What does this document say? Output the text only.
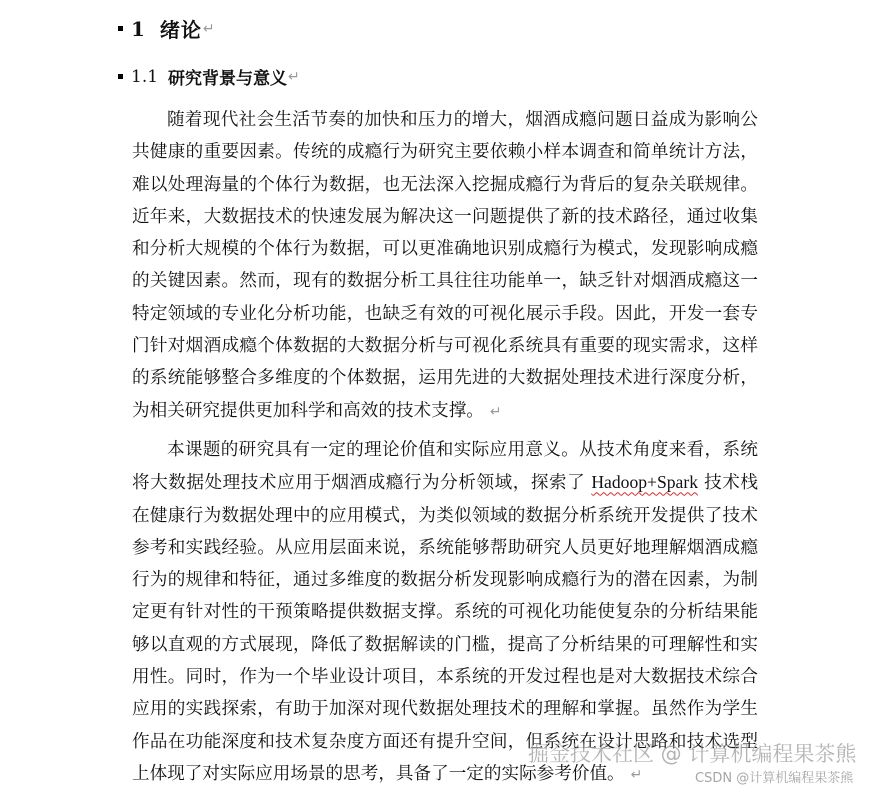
1 绪论 ↵
1.1 研究背景与意义 ↵
随着现代社会生活节奏的加快和压力的增大，烟酒成瘾问题日益成为影响公
共健康的重要因素。传统的成瘾行为研究主要依赖小样本调查和简单统计方法，
难以处理海量的个体行为数据，也无法深入挖掘成瘾行为背后的复杂关联规律。
近年来，大数据技术的快速发展为解决这一问题提供了新的技术路径，通过收集
和分析大规模的个体行为数据，可以更准确地识别成瘾行为模式，发现影响成瘾
的关键因素。然而，现有的数据分析工具往往功能单一，缺乏针对烟酒成瘾这一
特定领域的专业化分析功能，也缺乏有效的可视化展示手段。因此，开发一套专
门针对烟酒成瘾个体数据的大数据分析与可视化系统具有重要的现实需求，这样
的系统能够整合多维度的个体数据，运用先进的大数据处理技术进行深度分析，
为相关研究提供更加科学和高效的技术支撑。 ↵
本课题的研究具有一定的理论价值和实际应用意义。从技术角度来看，系统
将大数据处理技术应用于烟酒成瘾行为分析领域，探索了 Hadoop+Spark 技术栈
在健康行为数据处理中的应用模式，为类似领域的数据分析系统开发提供了技术
参考和实践经验。从应用层面来说，系统能够帮助研究人员更好地理解烟酒成瘾
行为的规律和特征，通过多维度的数据分析发现影响成瘾行为的潜在因素，为制
定更有针对性的干预策略提供数据支撑。系统的可视化功能使复杂的分析结果能
够以直观的方式展现，降低了数据解读的门槛，提高了分析结果的可理解性和实
用性。同时，作为一个毕业设计项目，本系统的开发过程也是对大数据技术综合
应用的实践探索，有助于加深对现代数据处理技术的理解和掌握。虽然作为学生
作品在功能深度和技术复杂度方面还有提升空间，但系统在设计思路和技术选型
上体现了对实际应用场景的思考，具备了一定的实际参考价值。 ↵
掘金技术社区 @ 计算机编程果茶熊
CSDN @计算机编程果茶熊
